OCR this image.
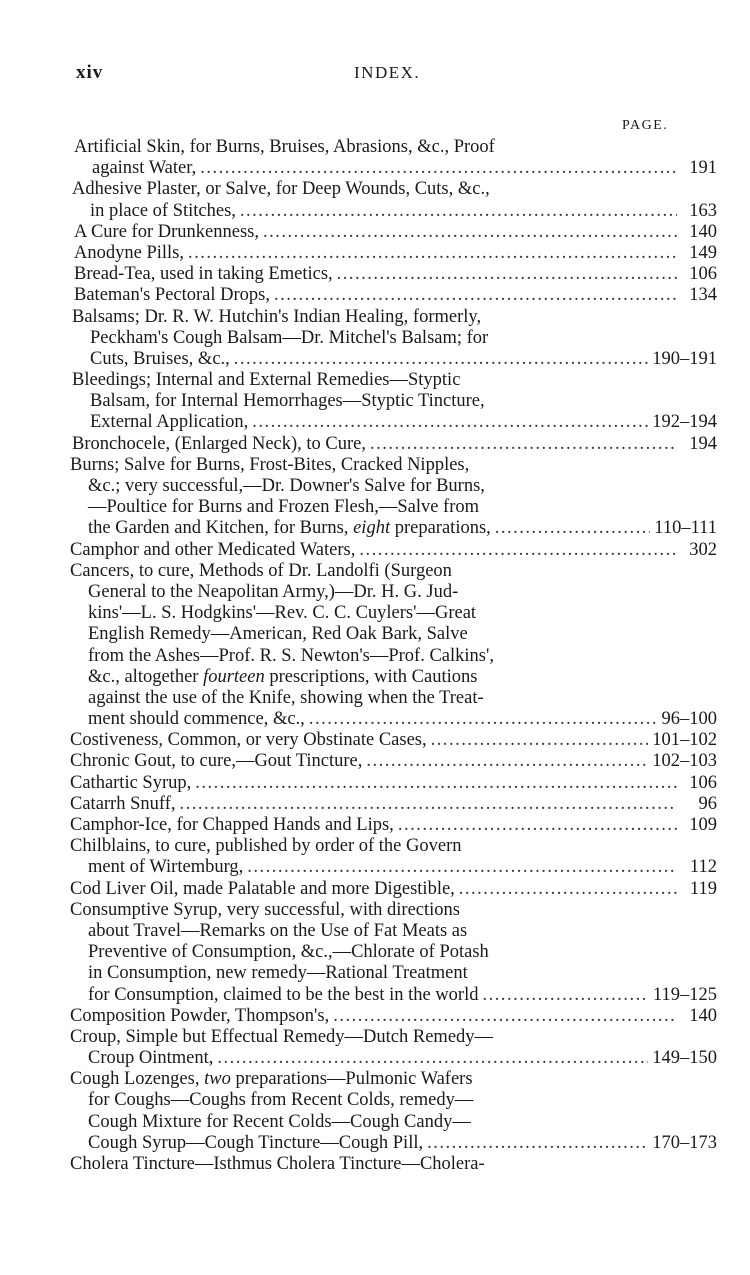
xiv	INDEX.
PAGE.
Artificial Skin, for Burns, Bruises, Abrasions, &c., Proof
against Water, .....	191
Adhesive Plaster, or Salve, for Deep Wounds, Cuts, &c.,
in place of Stitches, .....	163
A Cure for Drunkenness, .....	140
Anodyne Pills, .....	149
Bread-Tea, used in taking Emetics, .....	106
Bateman's Pectoral Drops, .....	134
Balsams; Dr. R. W. Hutchin's Indian Healing, formerly,
Peckham's Cough Balsam—Dr. Mitchel's Balsam; for
Cuts, Bruises, &c., .....	190–191
Bleedings; Internal and External Remedies—Styptic
Balsam, for Internal Hemorrhages—Styptic Tincture,
External Application, .....	192–194
Bronchocele, (Enlarged Neck), to Cure, .....	194
Burns; Salve for Burns, Frost-Bites, Cracked Nipples,
&c.; very successful,—Dr. Downer's Salve for Burns,
—Poultice for Burns and Frozen Flesh,—Salve from
the Garden and Kitchen, for Burns, eight preparations, .....	110–111
Camphor and other Medicated Waters, .....	302
Cancers, to cure, Methods of Dr. Landolfi (Surgeon
General to the Neapolitan Army,)—Dr. H. G. Jud-
kins'—L. S. Hodgkins'—Rev. C. C. Cuylers'—Great
English Remedy—American, Red Oak Bark, Salve
from the Ashes—Prof. R. S. Newton's—Prof. Calkins',
&c., altogether fourteen prescriptions, with Cautions
against the use of the Knife, showing when the Treat-
ment should commence, &c., .....	96–100
Costiveness, Common, or very Obstinate Cases, .....	101–102
Chronic Gout, to cure,—Gout Tincture, .....	102–103
Cathartic Syrup, .....	106
Catarrh Snuff, .....	96
Camphor-Ice, for Chapped Hands and Lips, .....	109
Chilblains, to cure, published by order of the Govern
ment of Wirtemburg, .....	112
Cod Liver Oil, made Palatable and more Digestible, .....	119
Consumptive Syrup, very successful, with directions
about Travel—Remarks on the Use of Fat Meats as
Preventive of Consumption, &c.,—Chlorate of Potash
in Consumption, new remedy—Rational Treatment
for Consumption, claimed to be the best in the world .....	119–125
Composition Powder, Thompson's, .....	140
Croup, Simple but Effectual Remedy—Dutch Remedy—
Croup Ointment, .....	149–150
Cough Lozenges, two preparations—Pulmonic Wafers
for Coughs—Coughs from Recent Colds, remedy—
Cough Mixture for Recent Colds—Cough Candy—
Cough Syrup—Cough Tincture—Cough Pill, .....	170–173
Cholera Tincture—Isthmus Cholera Tincture—Cholera-
